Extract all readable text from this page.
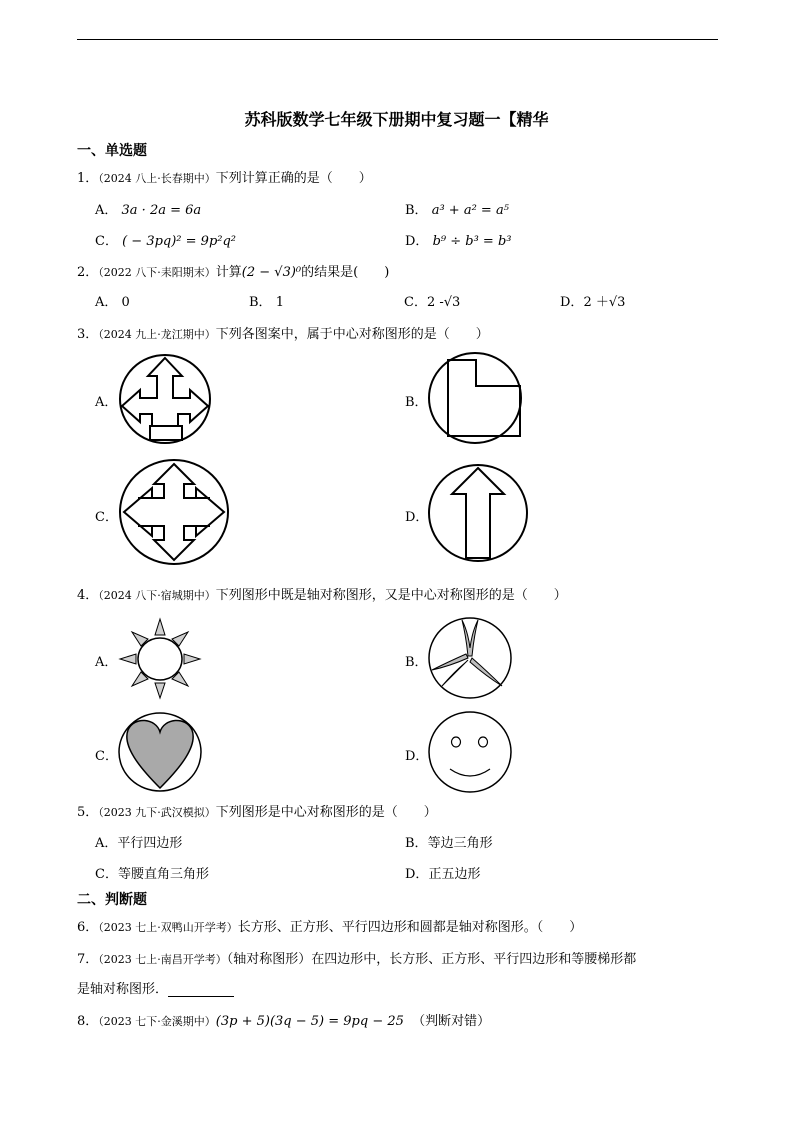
苏科版数学七年级下册期中复习题一【精华
一、单选题
1．（2024 八上·长春期中）下列计算正确的是（　　）
A． 3a · 2a = 6a	B． a³ + a² = a⁵
C． ( − 3pq)² = 9p²q²	D． b⁹ ÷ b³ = b³
2．（2022 八下·耒阳期末）计算(2 − √3)⁰的结果是(　　)
A． 0	B． 1	C．2 -√3	D．2 ＋√3
3．（2024 九上·龙江期中）下列各图案中，属于中心对称图形的是（　　）
A．	B．
C．	D．
4．（2024 八下·宿城期中）下列图形中既是轴对称图形，又是中心对称图形的是（　　）
A．	B．
C．	D．
5．（2023 九下·武汉模拟）下列图形是中心对称图形的是（　　）
A．平行四边形	B．等边三角形
C．等腰直角三角形	D．正五边形
二、判断题
6．（2023 七上·双鸭山开学考）长方形、正方形、平行四边形和圆都是轴对称图形。（　　）
7．（2023 七上·南昌开学考）（轴对称图形）在四边形中，长方形、正方形、平行四边形和等腰梯形都
是轴对称图形．
8．（2023 七下·金溪期中）(3p + 5)(3q − 5) = 9pq − 25 （判断对错）
